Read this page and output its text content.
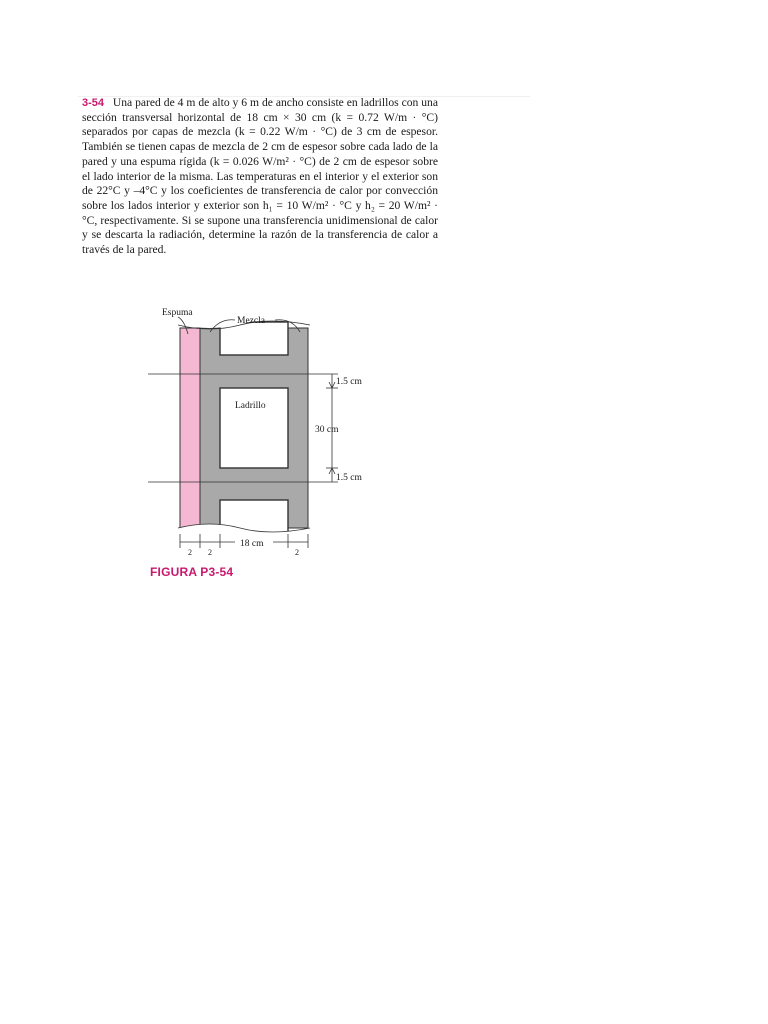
3-54 Una pared de 4 m de alto y 6 m de ancho consiste en ladrillos con una sección transversal horizontal de 18 cm × 30 cm (k = 0.72 W/m · °C) separados por capas de mezcla (k = 0.22 W/m · °C) de 3 cm de espesor. También se tienen capas de mezcla de 2 cm de espesor sobre cada lado de la pared y una espuma rígida (k = 0.026 W/m² · °C) de 2 cm de espesor sobre el lado interior de la misma. Las temperaturas en el interior y el exterior son de 22°C y –4°C y los coeficientes de transferencia de calor por convección sobre los lados interior y exterior son h₁ = 10 W/m² · °C y h₂ = 20 W/m² · °C, respectivamente. Si se supone una transferencia unidimensional de calor y se descarta la radiación, determine la razón de la transferencia de calor a través de la pared.
Espuma
Mezcla
Ladrillo
1.5 cm
30 cm
1.5 cm
18 cm
2 2	2
FIGURA P3-54
